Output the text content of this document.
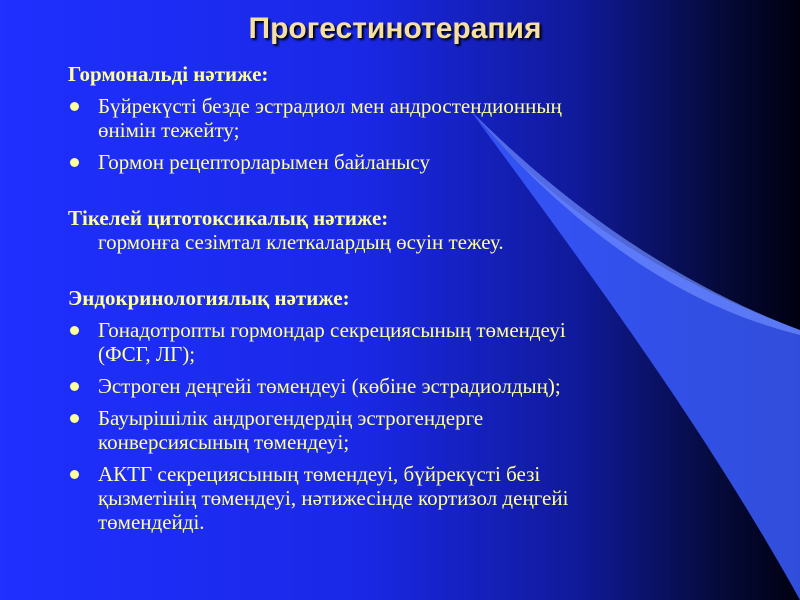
Прогестинотерапия

Гормональді нәтиже:

Бүйрекүсті безде эстрадиол мен андростендионның
өнімін тежейту;
Гормон рецепторларымен байланысу

Тікелей цитотоксикалық нәтиже:

гормонға сезімтал клеткалардың өсуін тежеу.

Эндокринологиялық нәтиже:

Гонадотропты гормондар секрециясының төмендеуі
(ФСГ, ЛГ);
Эстроген деңгейі төмендеуі (көбіне эстрадиолдың);
Бауырішілік андрогендердің эстрогендерге
конверсиясының төмендеуі;
АКТГ секрециясының төмендеуі, бүйрекүсті безі
қызметінің төмендеуі, нәтижесінде кортизол деңгейі
төмендейді.
